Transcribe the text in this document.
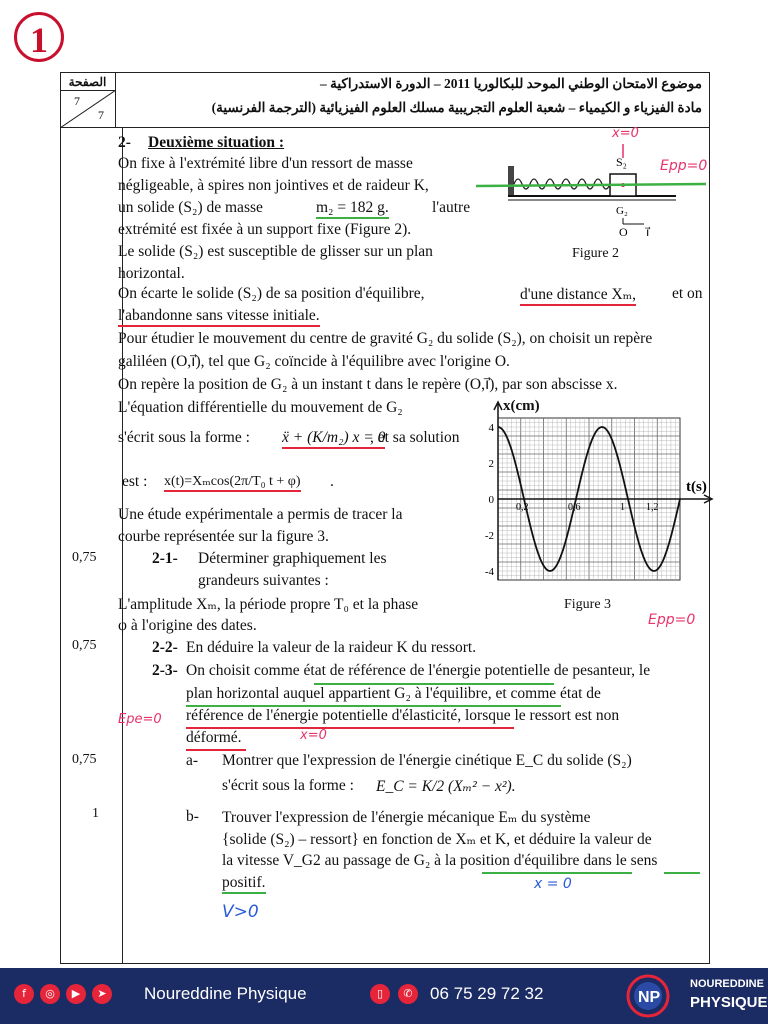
1
الصفحة
7
7
موضوع الامتحان الوطني الموحد للبكالوريا 2011 – الدورة الاستدراكية –
مادة الفيزياء و الكيمياء – شعبة العلوم التجريبية مسلك العلوم الفيزيائية (الترجمة الفرنسية)
0,75
0,75
0,75
1
2- Deuxième situation :
On fixe à l'extrémité libre d'un ressort de masse
négligeable, à spires non jointives et de raideur K,
un solide (S₂) de masse	m₂ = 182 g.	l'autre
extrémité est fixée à un support fixe (Figure 2).
Le solide (S₂) est susceptible de glisser sur un plan
horizontal.
S₂
G₂
O i⃗
Figure 2
x=0
Epp=0
On écarte le solide (S₂) de sa position d'équilibre,	d'une distance Xₘ, et on
l'abandonne sans vitesse initiale.
Pour étudier le mouvement du centre de gravité G₂ du solide (S₂), on choisit un repère
galiléen (O,i⃗), tel que G₂ coïncide à l'équilibre avec l'origine O.
On repère la position de G₂ à un instant t dans le repère (O,i⃗), par son abscisse x.
L'équation différentielle du mouvement de G₂
s'écrit sous la forme : ẍ + (K/m₂) x = 0
, et sa solution
est : x(t)=Xₘcos(2π/T₀ t + φ) .
Une étude expérimentale a permis de tracer la
courbe représentée sur la figure 3.
x(cm)
t(s)
4
2
0
-2
-4
0,2	0,6	1 1,2
Figure 3
2-1- Déterminer graphiquement les
grandeurs suivantes :
L'amplitude Xₘ, la période propre T₀ et la phase
φ à l'origine des dates.	Epp=0
2-2- En déduire la valeur de la raideur K du ressort.
2-3- On choisit comme état de référence de l'énergie potentielle de pesanteur, le
plan horizontal auquel appartient G₂ à l'équilibre, et comme état de
référence de l'énergie potentielle d'élasticité, lorsque le ressort est non
déformé.
Epe=0
x=0
a- Montrer que l'expression de l'énergie cinétique E_C du solide (S₂)
s'écrit sous la forme : E_C = K/2 (Xₘ² − x²).
b- Trouver l'expression de l'énergie mécanique Eₘ du système
{solide (S₂) – ressort} en fonction de Xₘ et K, et déduire la valeur de
la vitesse V_G2 au passage de G₂ à la position d'équilibre dans le sens
positif.	x = 0
V>0
f	◎	▶	➤	Noureddine Physique	▯	✆	06 75 29 72 32	NP
NOUREDDINE
PHYSIQUE
